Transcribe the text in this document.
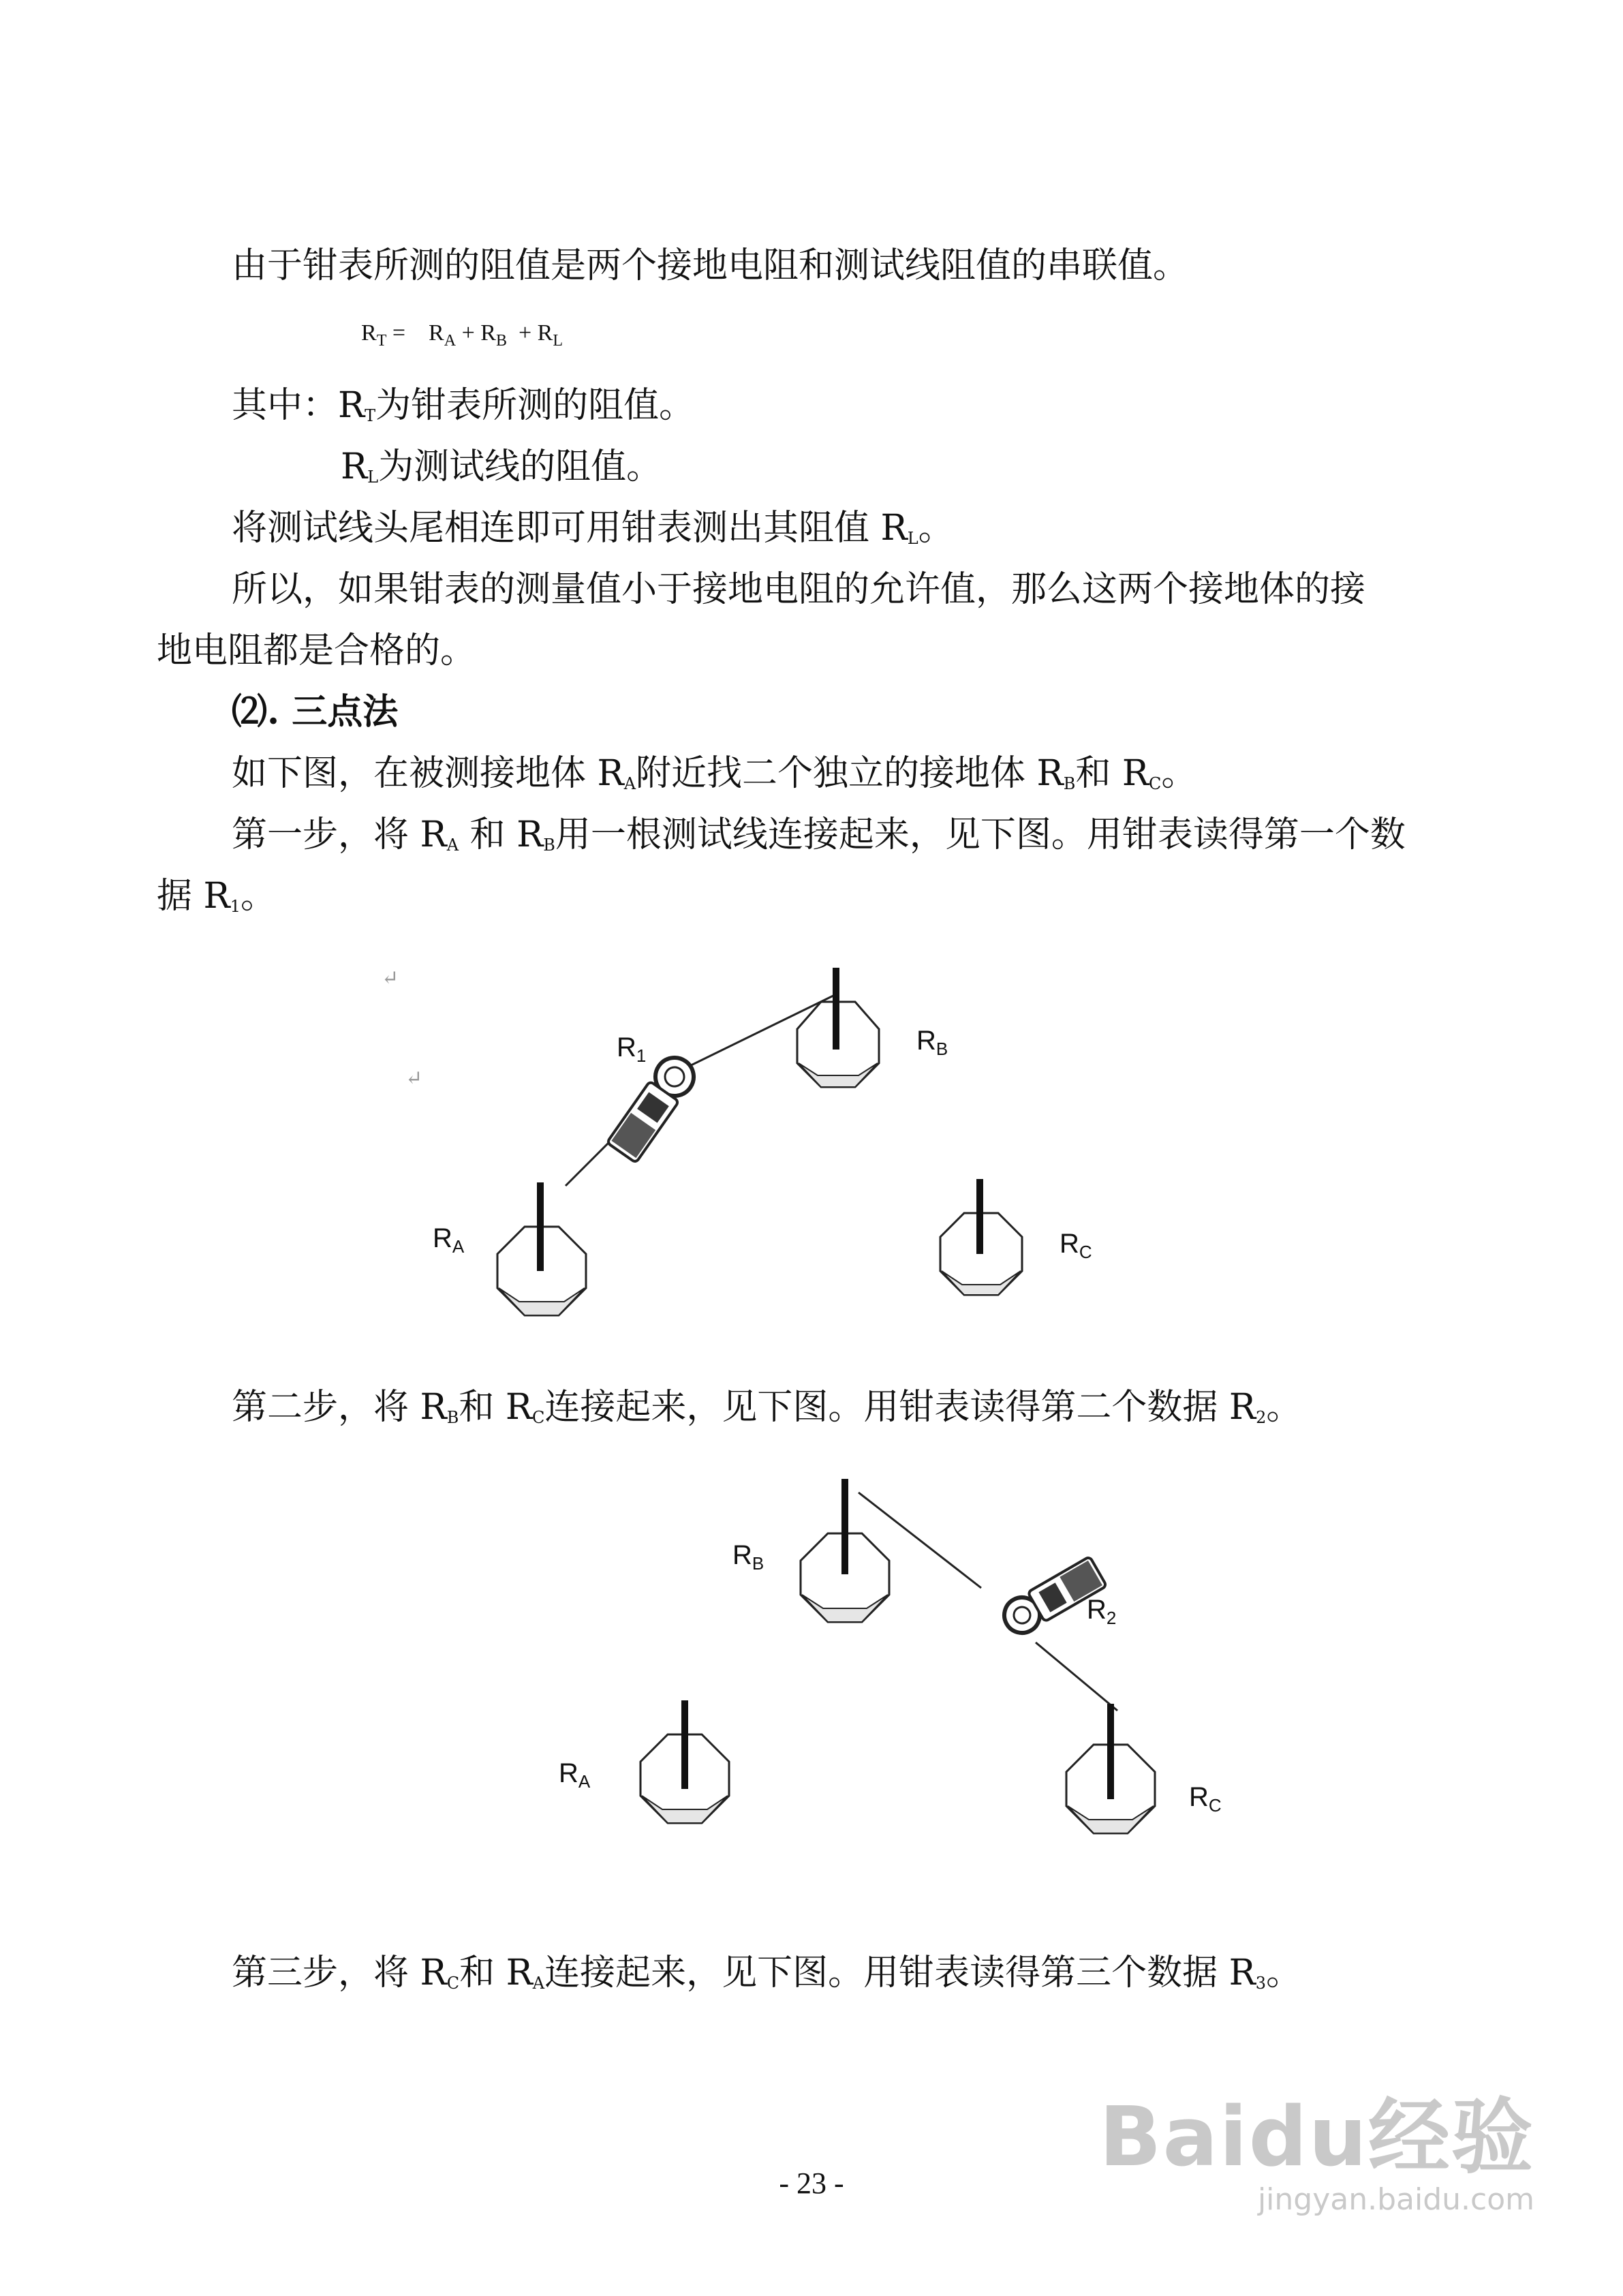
由于钳表所测的阻值是两个接地电阻和测试线阻值的串联值。

$R_T$ =    $R_A + R_B + R_L$

其中：$R_T$为钳表所测的阻值。

$R_L$为测试线的阻值。

将测试线头尾相连即可用钳表测出其阻值 $R_L$。

所以，如果钳表的测量值小于接地电阻的允许值，那么这两个接地体的接

地电阻都是合格的。

⑵. 三点法

如下图，在被测接地体 $R_A$附近找二个独立的接地体 $R_B$和 $R_C$。

第一步，将 $R_A$ 和 $R_B$用一根测试线连接起来，见下图。用钳表读得第一个数

据 $R_1$。

↵
↵
$R_1$	$R_B$
$R_A$	$R_C$

第二步，将 $R_B$和 $R_C$连接起来，见下图。用钳表读得第二个数据 $R_2$。

$R_B$
$R_2$
$R_A$
$R_C$

第三步，将 $R_C$和 $R_A$连接起来，见下图。用钳表读得第三个数据 $R_3$。

Baidu经验
jingyan.baidu.com
- 23 -
